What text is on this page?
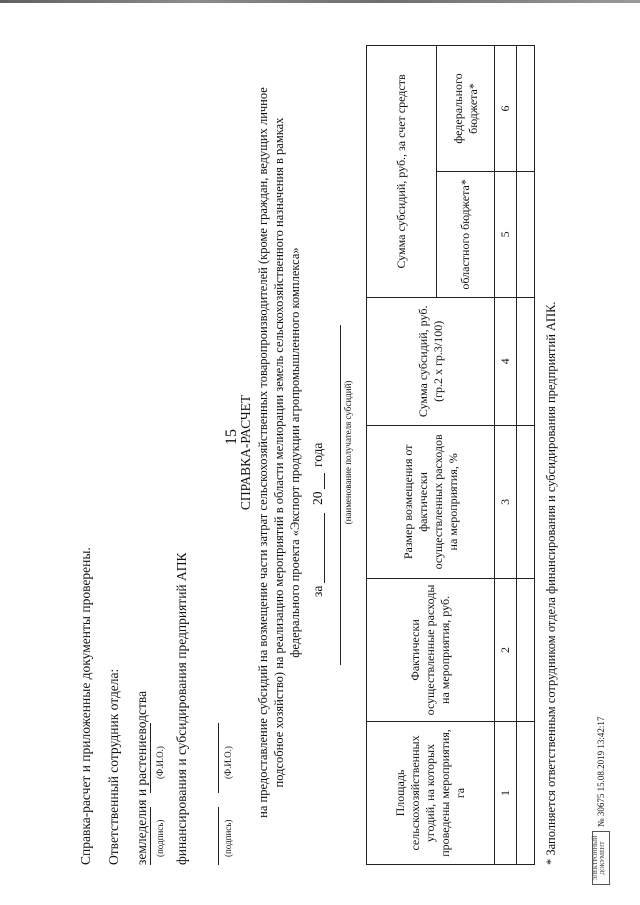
15
Справка-расчет и приложенные документы проверены. Ответственный сотрудник отдела: земледелия и растениеводства (подпись)
(Ф.И.О.) финансирования и субсидирования предприятий АПК	(подпись)
(Ф.И.О.)
СПРАВКА-РАСЧЕТ на предоставление субсидий на возмещение части затрат сельскохозяйственных товаропроизводителей (кроме граждан, ведущих личное подсобное хозяйство) на реализацию мероприятий в области мелиорации земель сельскохозяйственного назначения в рамках федерального проекта «Экспорт продукции агропромышленного комплекса» за
20
года (наименование получателя субсидий)
Площадь сельскохозяйственных угодий, на которых проведены мероприятия, га	Фактически осуществленные расходы на мероприятия, руб.	Размер возмещения от фактически осуществленных расходов на мероприятия, %	Сумма субсидий, руб. (гр.2 х гр.3/100)	Сумма субсидий, руб., за счет средств	
				областного бюджета*	федерального бюджета*
1	2	3	4	5	6

* Заполняется ответственным сотрудником отдела финансирования и субсидирования предприятий АПК.	ЭЛЕКТРОННЫЙ ДОКУМЕНТ
№ 30675 15.08.2019 13:42:17
